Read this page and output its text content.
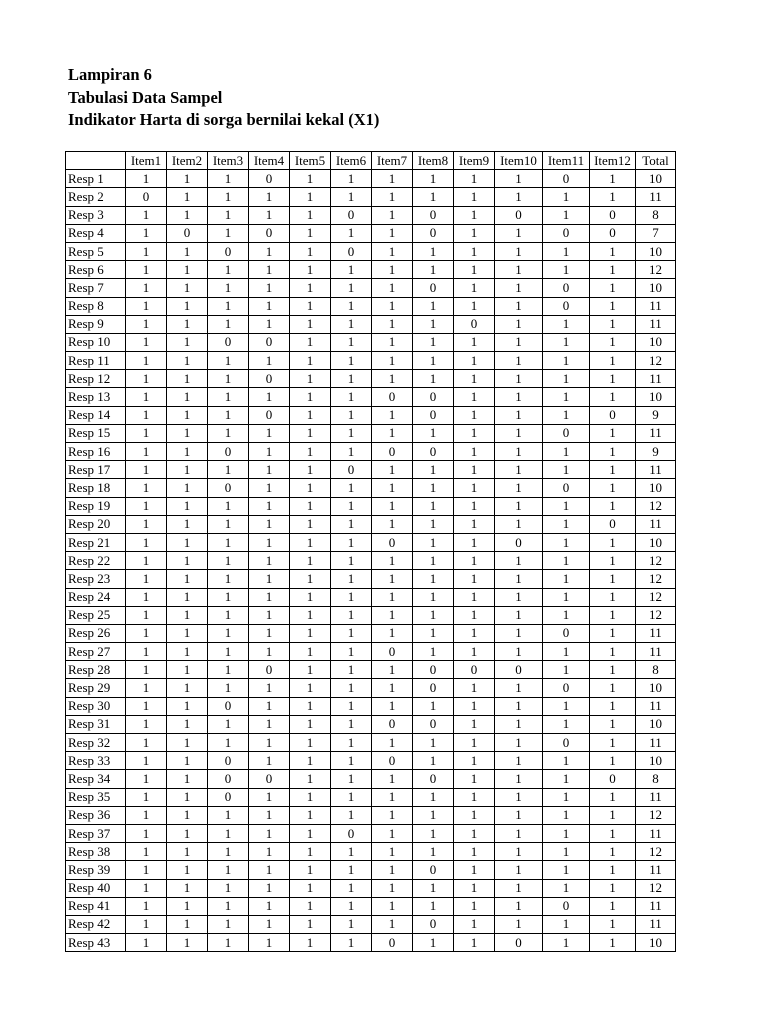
Lampiran 6
Tabulasi Data Sampel
Indikator Harta di sorga bernilai kekal (X1)
	Item1	Item2	Item3	Item4	Item5	Item6	Item7	Item8	Item9	Item10	Item11	Item12	Total
Resp 1	1	1	1	0	1	1	1	1	1	1	0	1	10
Resp 2	0	1	1	1	1	1	1	1	1	1	1	1	11
Resp 3	1	1	1	1	1	0	1	0	1	0	1	0	8
Resp 4	1	0	1	0	1	1	1	0	1	1	0	0	7
Resp 5	1	1	0	1	1	0	1	1	1	1	1	1	10
Resp 6	1	1	1	1	1	1	1	1	1	1	1	1	12
Resp 7	1	1	1	1	1	1	1	0	1	1	0	1	10
Resp 8	1	1	1	1	1	1	1	1	1	1	0	1	11
Resp 9	1	1	1	1	1	1	1	1	0	1	1	1	11
Resp 10	1	1	0	0	1	1	1	1	1	1	1	1	10
Resp 11	1	1	1	1	1	1	1	1	1	1	1	1	12
Resp 12	1	1	1	0	1	1	1	1	1	1	1	1	11
Resp 13	1	1	1	1	1	1	0	0	1	1	1	1	10
Resp 14	1	1	1	0	1	1	1	0	1	1	1	0	9
Resp 15	1	1	1	1	1	1	1	1	1	1	0	1	11
Resp 16	1	1	0	1	1	1	0	0	1	1	1	1	9
Resp 17	1	1	1	1	1	0	1	1	1	1	1	1	11
Resp 18	1	1	0	1	1	1	1	1	1	1	0	1	10
Resp 19	1	1	1	1	1	1	1	1	1	1	1	1	12
Resp 20	1	1	1	1	1	1	1	1	1	1	1	0	11
Resp 21	1	1	1	1	1	1	0	1	1	0	1	1	10
Resp 22	1	1	1	1	1	1	1	1	1	1	1	1	12
Resp 23	1	1	1	1	1	1	1	1	1	1	1	1	12
Resp 24	1	1	1	1	1	1	1	1	1	1	1	1	12
Resp 25	1	1	1	1	1	1	1	1	1	1	1	1	12
Resp 26	1	1	1	1	1	1	1	1	1	1	0	1	11
Resp 27	1	1	1	1	1	1	0	1	1	1	1	1	11
Resp 28	1	1	1	0	1	1	1	0	0	0	1	1	8
Resp 29	1	1	1	1	1	1	1	0	1	1	0	1	10
Resp 30	1	1	0	1	1	1	1	1	1	1	1	1	11
Resp 31	1	1	1	1	1	1	0	0	1	1	1	1	10
Resp 32	1	1	1	1	1	1	1	1	1	1	0	1	11
Resp 33	1	1	0	1	1	1	0	1	1	1	1	1	10
Resp 34	1	1	0	0	1	1	1	0	1	1	1	0	8
Resp 35	1	1	0	1	1	1	1	1	1	1	1	1	11
Resp 36	1	1	1	1	1	1	1	1	1	1	1	1	12
Resp 37	1	1	1	1	1	0	1	1	1	1	1	1	11
Resp 38	1	1	1	1	1	1	1	1	1	1	1	1	12
Resp 39	1	1	1	1	1	1	1	0	1	1	1	1	11
Resp 40	1	1	1	1	1	1	1	1	1	1	1	1	12
Resp 41	1	1	1	1	1	1	1	1	1	1	0	1	11
Resp 42	1	1	1	1	1	1	1	0	1	1	1	1	11
Resp 43	1	1	1	1	1	1	0	1	1	0	1	1	10
